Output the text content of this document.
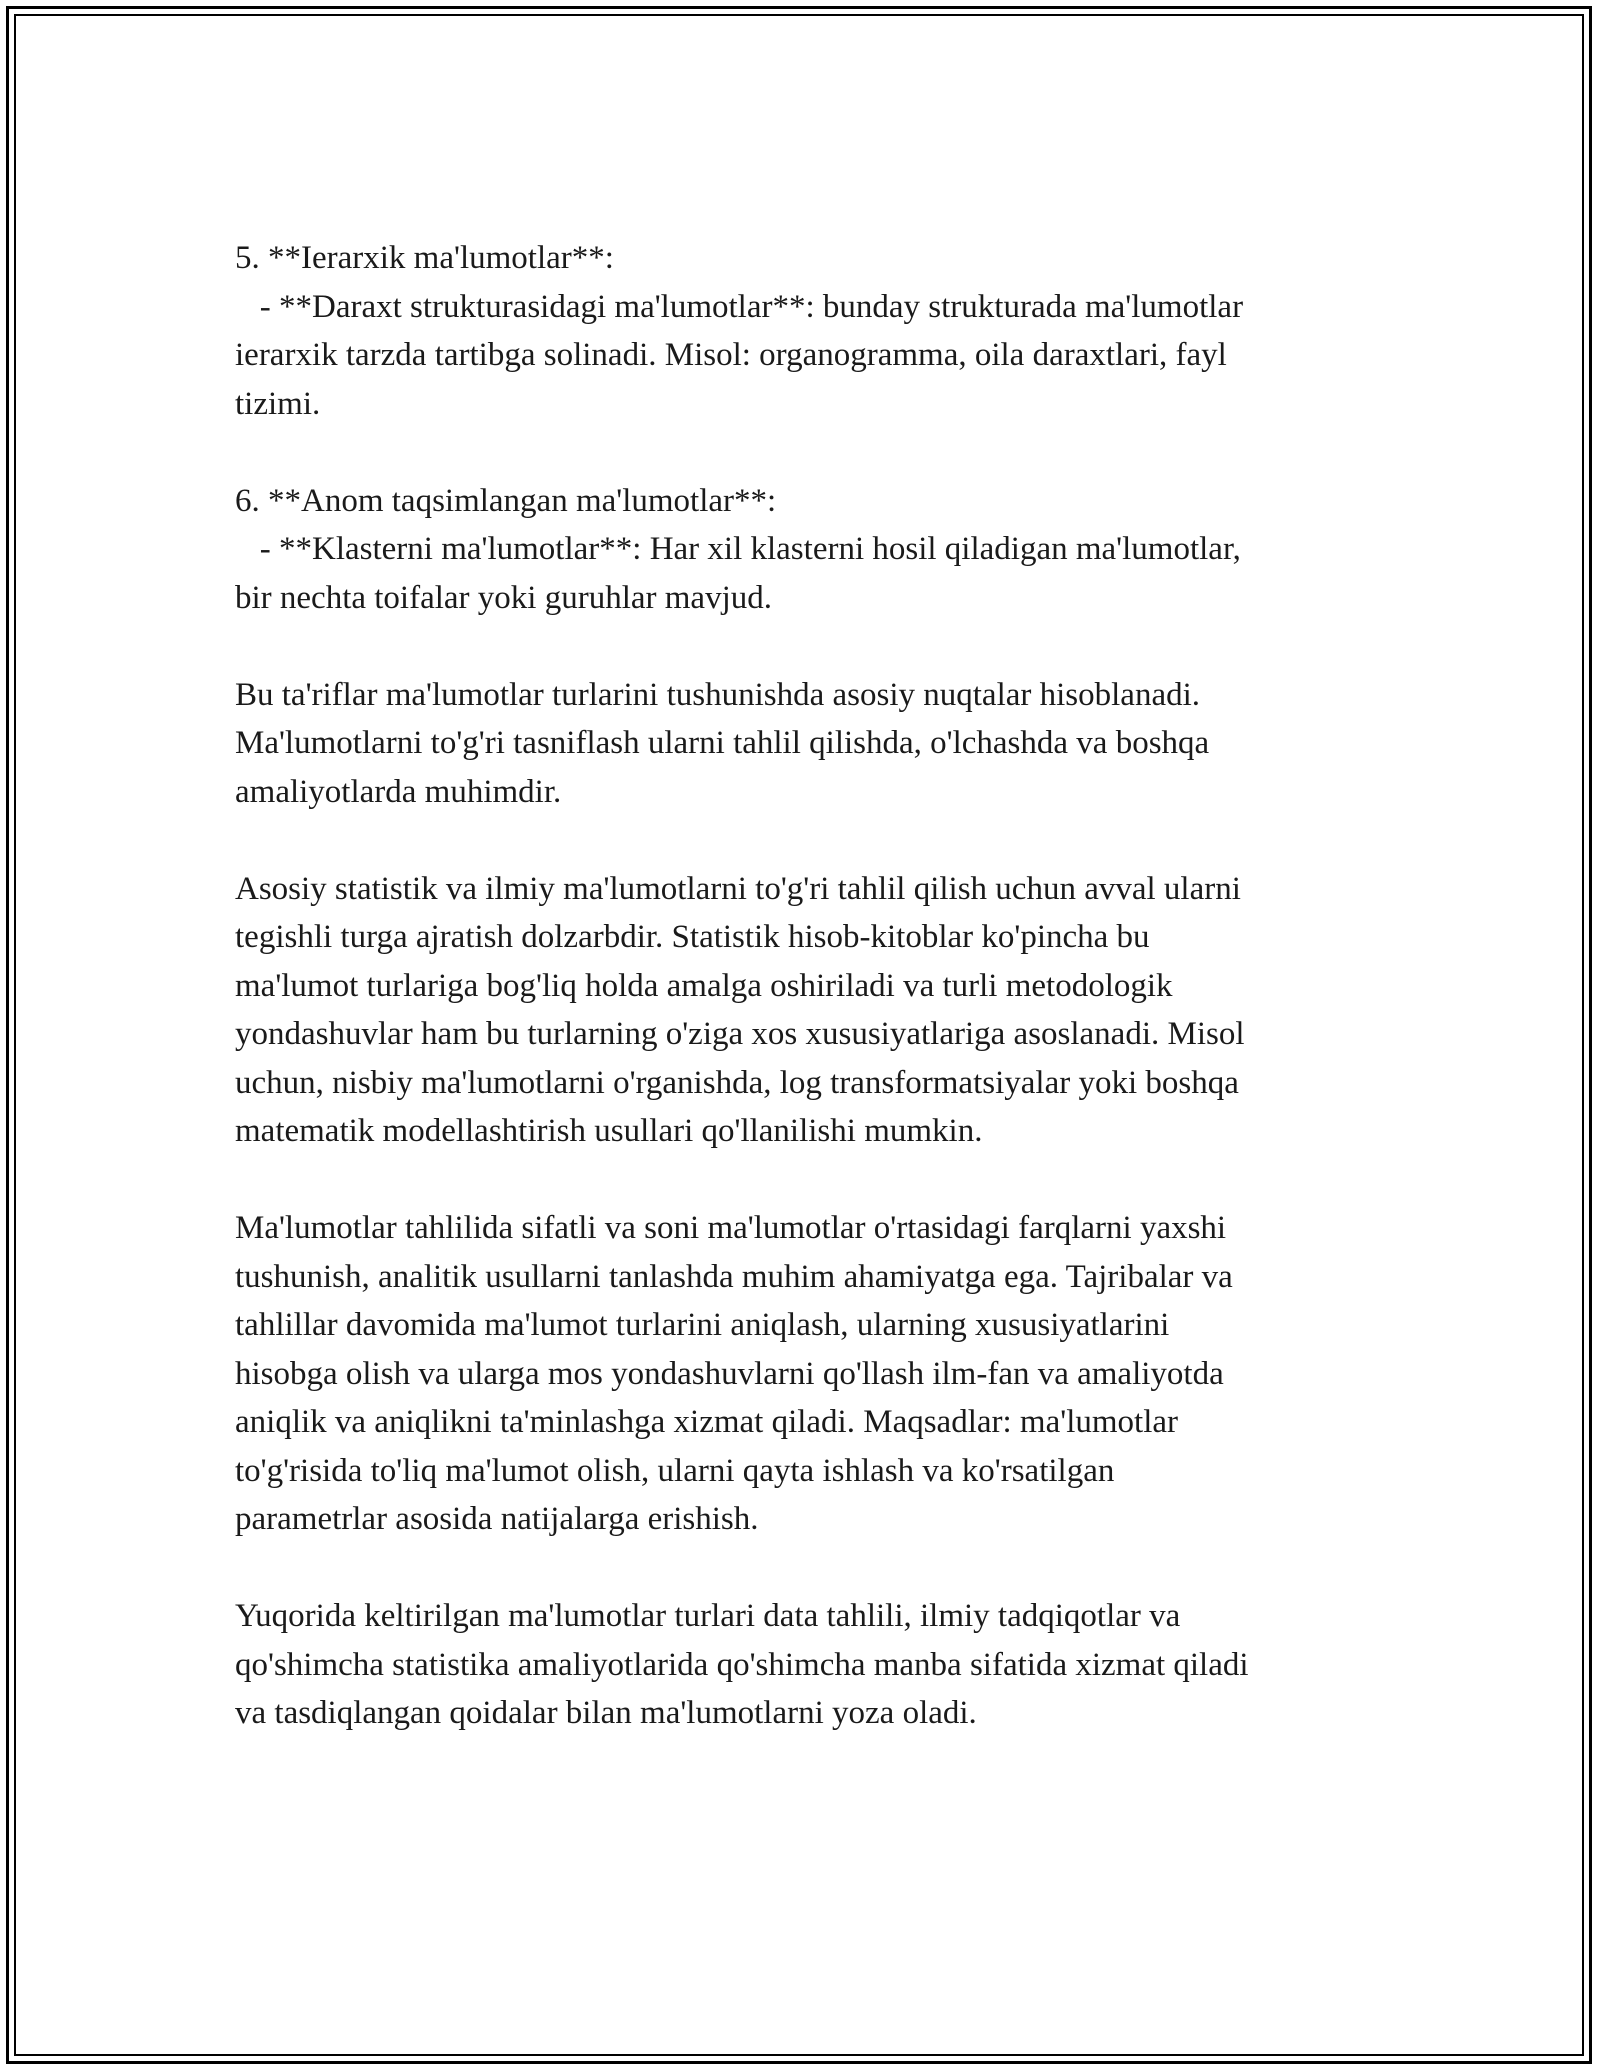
5. **Ierarxik ma'lumotlar**:

- **Daraxt strukturasidagi ma'lumotlar**: bunday strukturada ma'lumotlar

ierarxik tarzda tartibga solinadi. Misol: organogramma, oila daraxtlari, fayl

tizimi.

6. **Anom taqsimlangan ma'lumotlar**:

- **Klasterni ma'lumotlar**: Har xil klasterni hosil qiladigan ma'lumotlar,

bir nechta toifalar yoki guruhlar mavjud.

Bu ta'riflar ma'lumotlar turlarini tushunishda asosiy nuqtalar hisoblanadi.

Ma'lumotlarni to'g'ri tasniflash ularni tahlil qilishda, o'lchashda va boshqa

amaliyotlarda muhimdir.

Asosiy statistik va ilmiy ma'lumotlarni to'g'ri tahlil qilish uchun avval ularni

tegishli turga ajratish dolzarbdir. Statistik hisob-kitoblar ko'pincha bu

ma'lumot turlariga bog'liq holda amalga oshiriladi va turli metodologik

yondashuvlar ham bu turlarning o'ziga xos xususiyatlariga asoslanadi. Misol

uchun, nisbiy ma'lumotlarni o'rganishda, log transformatsiyalar yoki boshqa

matematik modellashtirish usullari qo'llanilishi mumkin.

Ma'lumotlar tahlilida sifatli va soni ma'lumotlar o'rtasidagi farqlarni yaxshi

tushunish, analitik usullarni tanlashda muhim ahamiyatga ega. Tajribalar va

tahlillar davomida ma'lumot turlarini aniqlash, ularning xususiyatlarini

hisobga olish va ularga mos yondashuvlarni qo'llash ilm-fan va amaliyotda

aniqlik va aniqlikni ta'minlashga xizmat qiladi. Maqsadlar: ma'lumotlar

to'g'risida to'liq ma'lumot olish, ularni qayta ishlash va ko'rsatilgan

parametrlar asosida natijalarga erishish.

Yuqorida keltirilgan ma'lumotlar turlari data tahlili, ilmiy tadqiqotlar va

qo'shimcha statistika amaliyotlarida qo'shimcha manba sifatida xizmat qiladi

va tasdiqlangan qoidalar bilan ma'lumotlarni yoza oladi.
